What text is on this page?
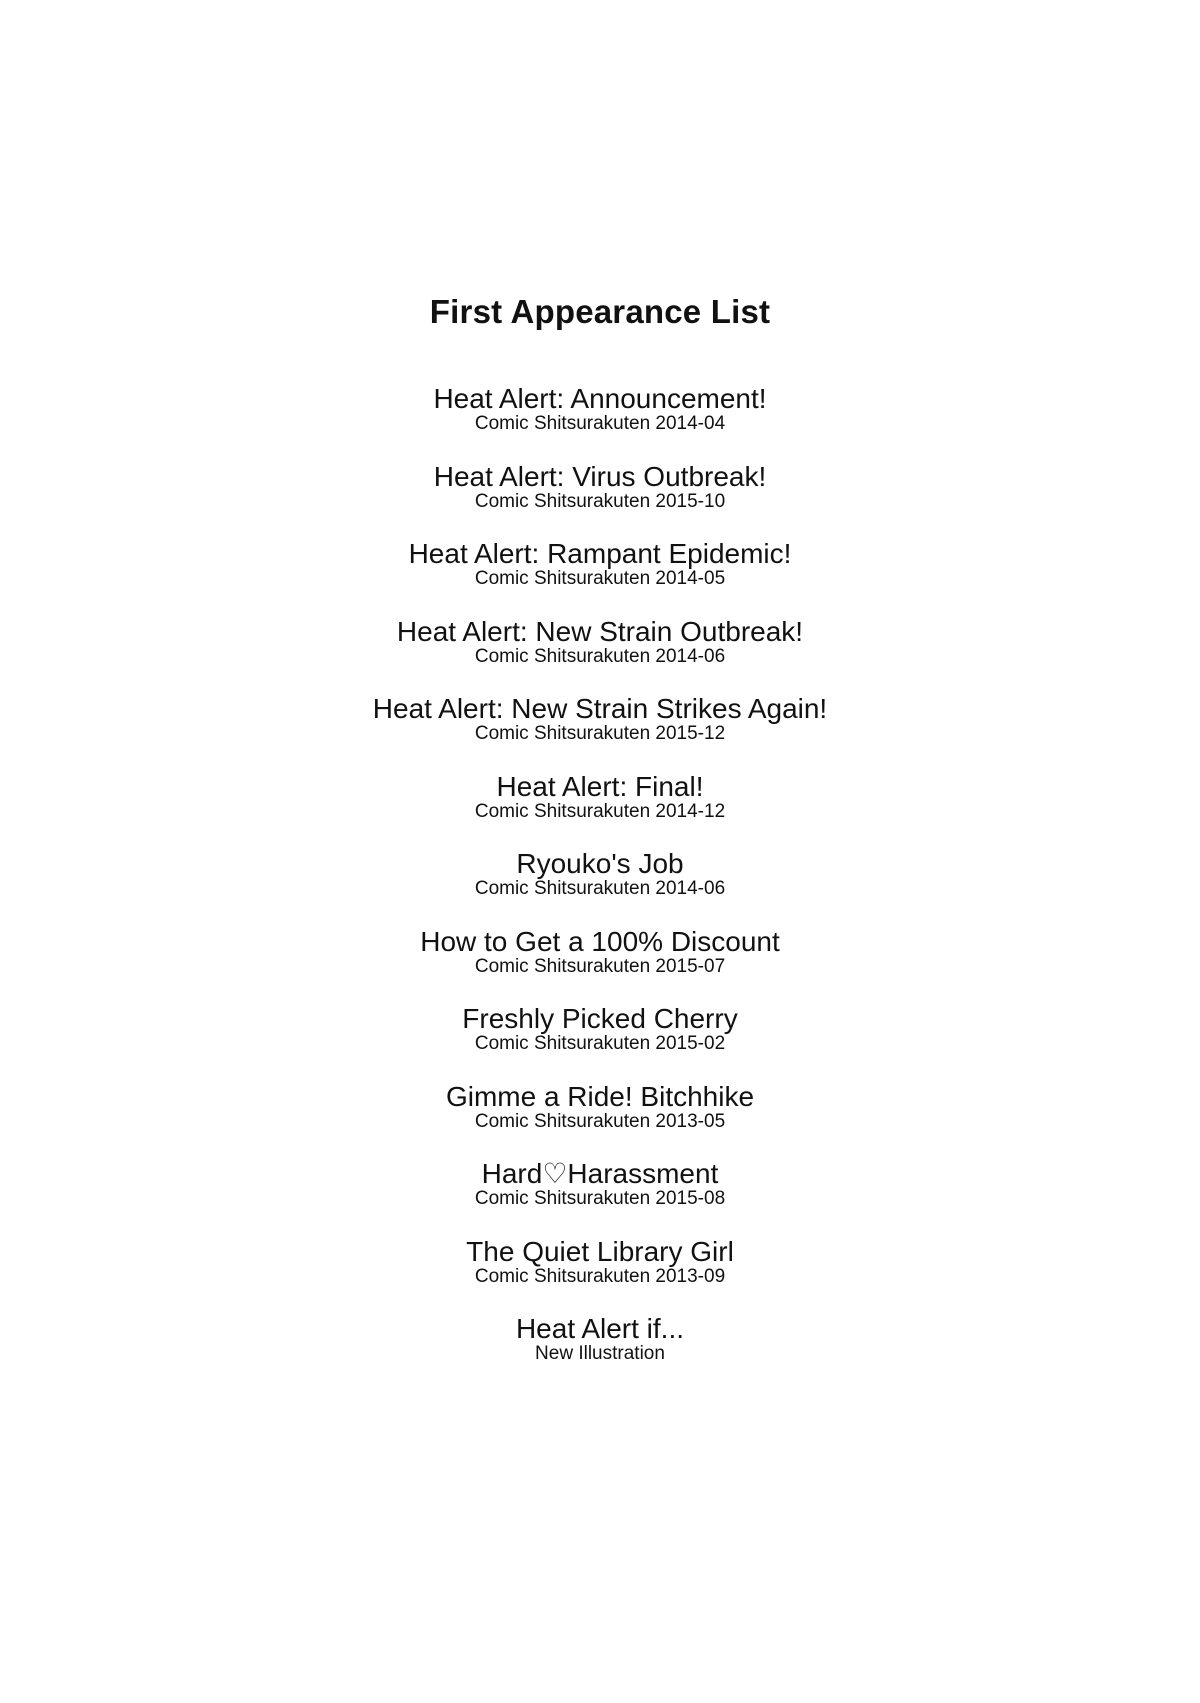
First Appearance List
Heat Alert: Announcement!
Comic Shitsurakuten 2014-04
Heat Alert: Virus Outbreak!
Comic Shitsurakuten 2015-10
Heat Alert: Rampant Epidemic!
Comic Shitsurakuten 2014-05
Heat Alert: New Strain Outbreak!
Comic Shitsurakuten 2014-06
Heat Alert: New Strain Strikes Again!
Comic Shitsurakuten 2015-12
Heat Alert: Final!
Comic Shitsurakuten 2014-12
Ryouko's Job
Comic Shitsurakuten 2014-06
How to Get a 100% Discount
Comic Shitsurakuten 2015-07
Freshly Picked Cherry
Comic Shitsurakuten 2015-02
Gimme a Ride! Bitchhike
Comic Shitsurakuten 2013-05
Hard♡Harassment
Comic Shitsurakuten 2015-08
The Quiet Library Girl
Comic Shitsurakuten 2013-09
Heat Alert if...
New Illustration
